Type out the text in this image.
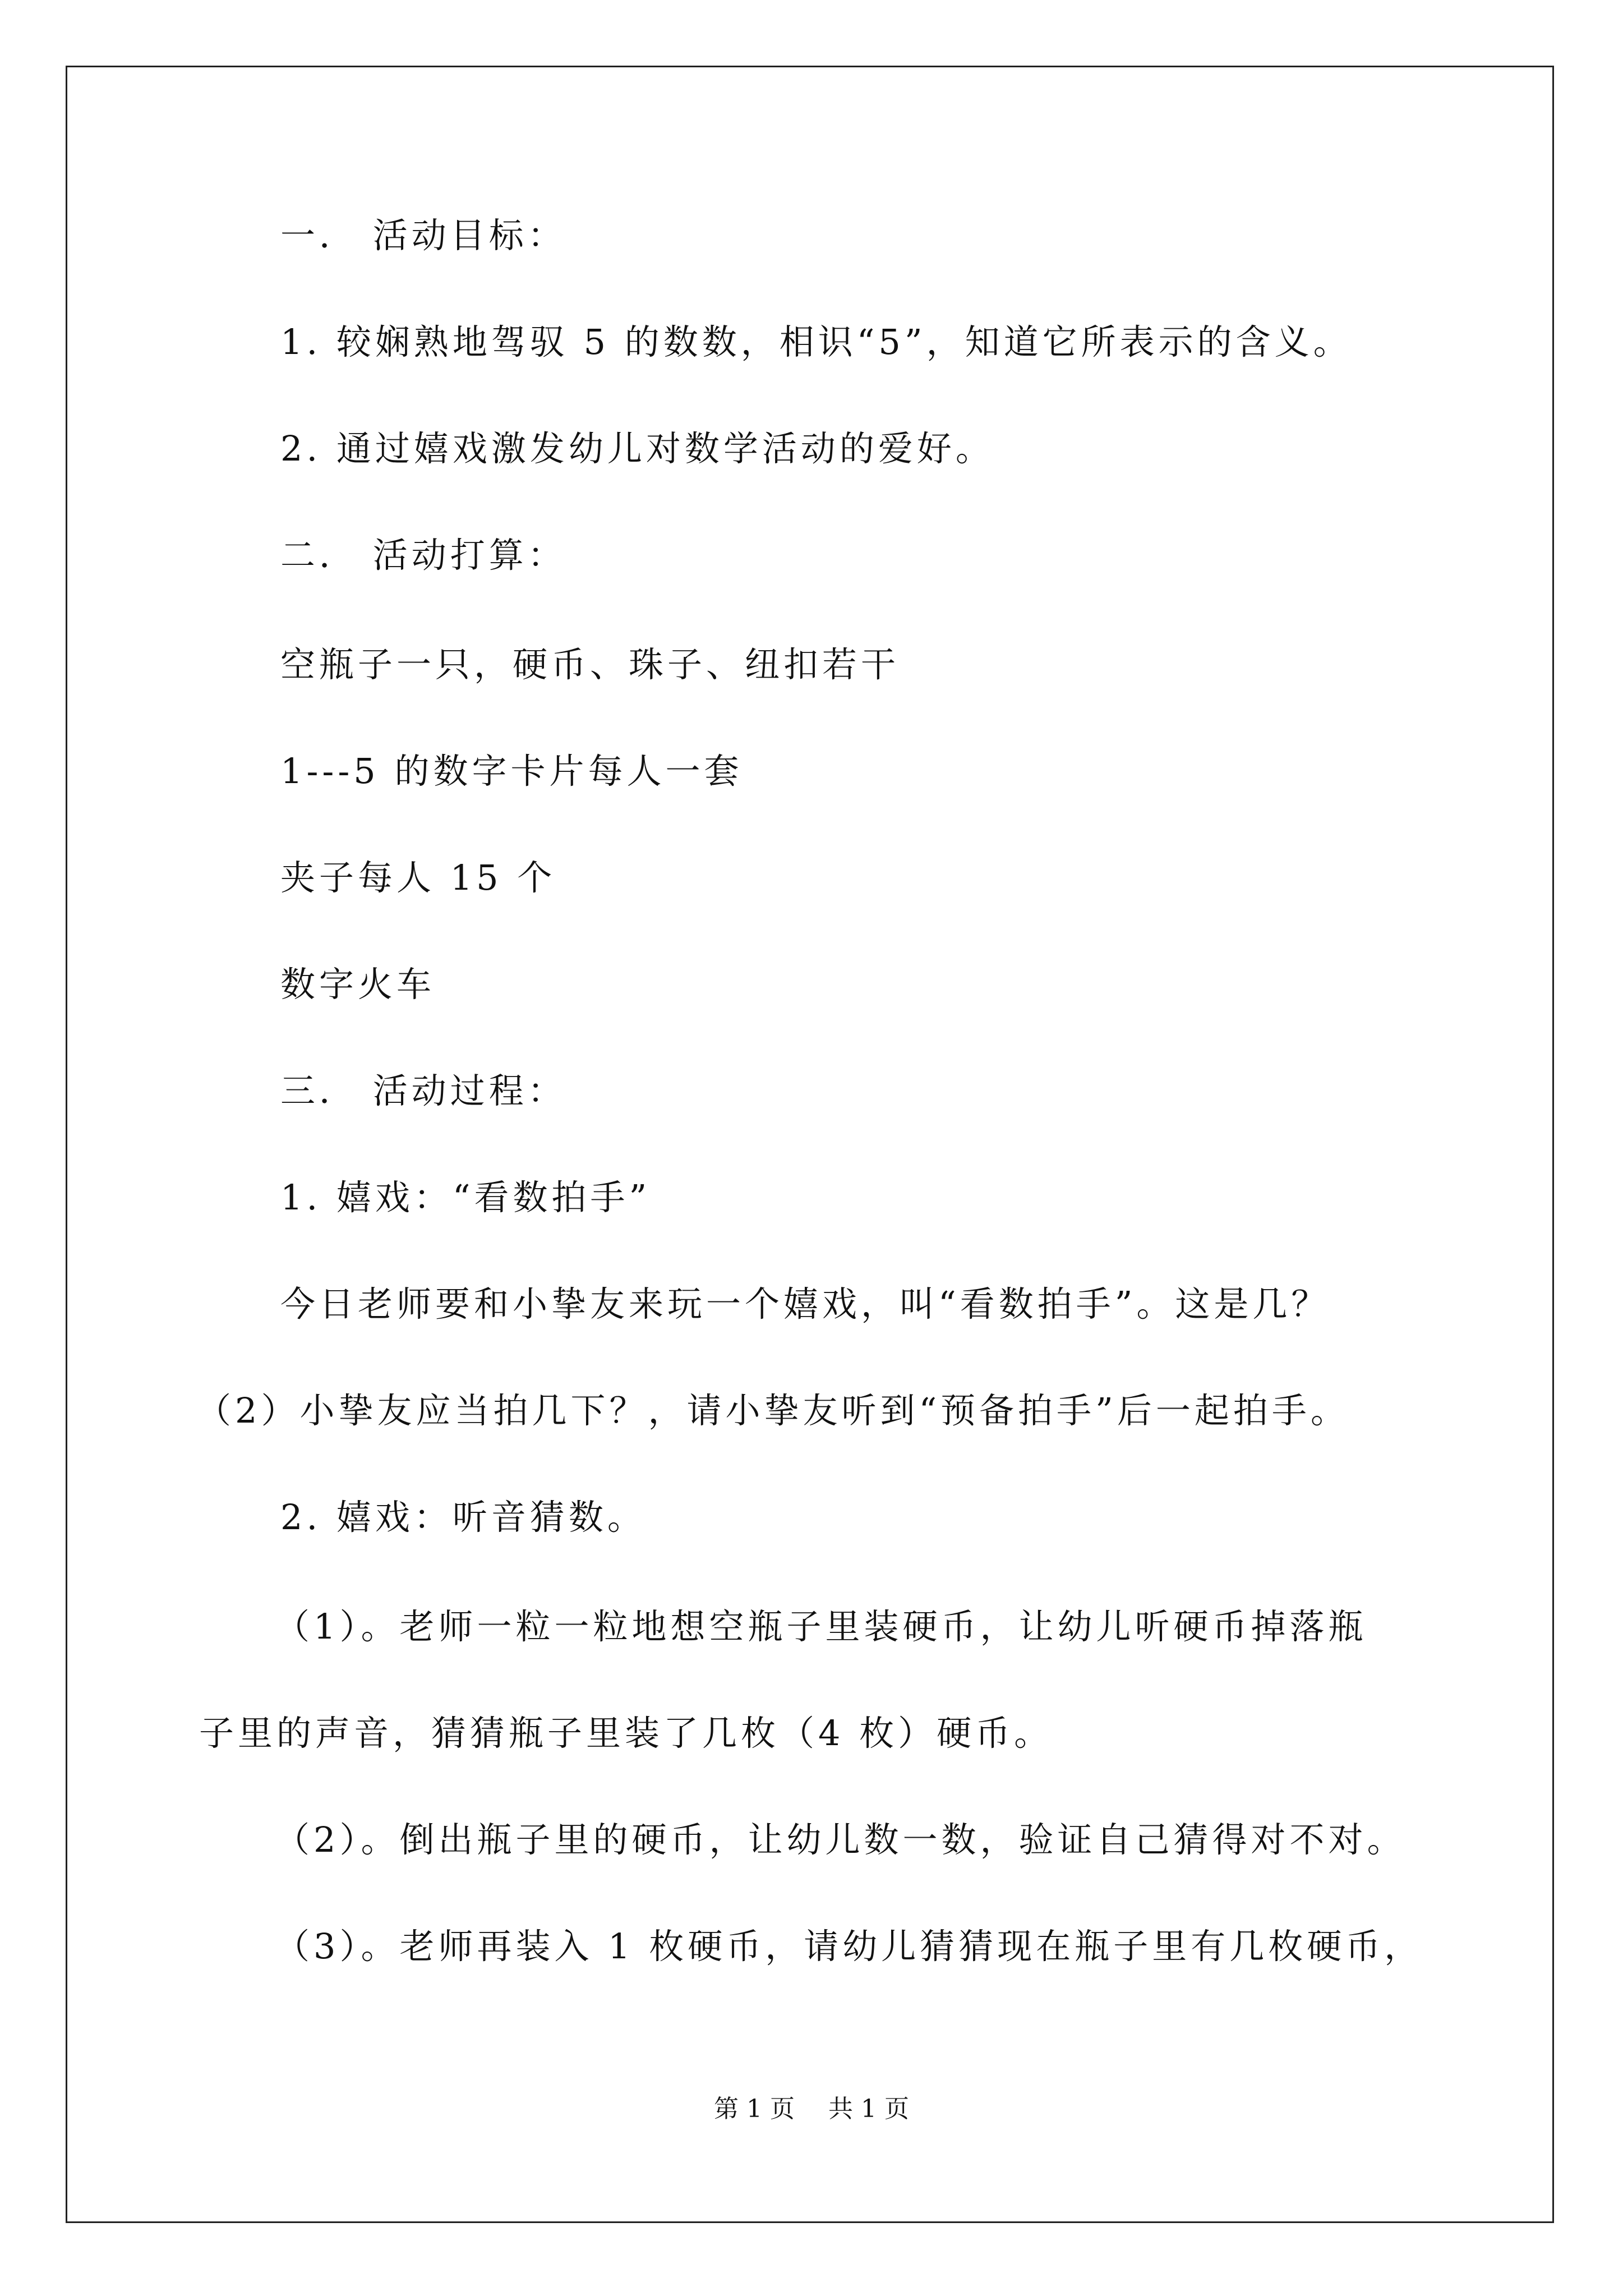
一． 活动目标：
1. 较娴熟地驾驭 5 的数数，相识“5”，知道它所表示的含义。
2. 通过嬉戏激发幼儿对数学活动的爱好。
二． 活动打算：
空瓶子一只，硬币、珠子、纽扣若干
1---5 的数字卡片每人一套
夹子每人 15 个
数字火车
三． 活动过程：
1. 嬉戏：“看数拍手”
今日老师要和小挚友来玩一个嬉戏，叫“看数拍手”。这是几？
（2）小挚友应当拍几下？，请小挚友听到“预备拍手”后一起拍手。
2. 嬉戏：听音猜数。
（1）。老师一粒一粒地想空瓶子里装硬币，让幼儿听硬币掉落瓶
子里的声音，猜猜瓶子里装了几枚（4 枚）硬币。
（2）。倒出瓶子里的硬币，让幼儿数一数，验证自己猜得对不对。
（3）。老师再装入 1 枚硬币，请幼儿猜猜现在瓶子里有几枚硬币，
第 1 页 共 1 页
